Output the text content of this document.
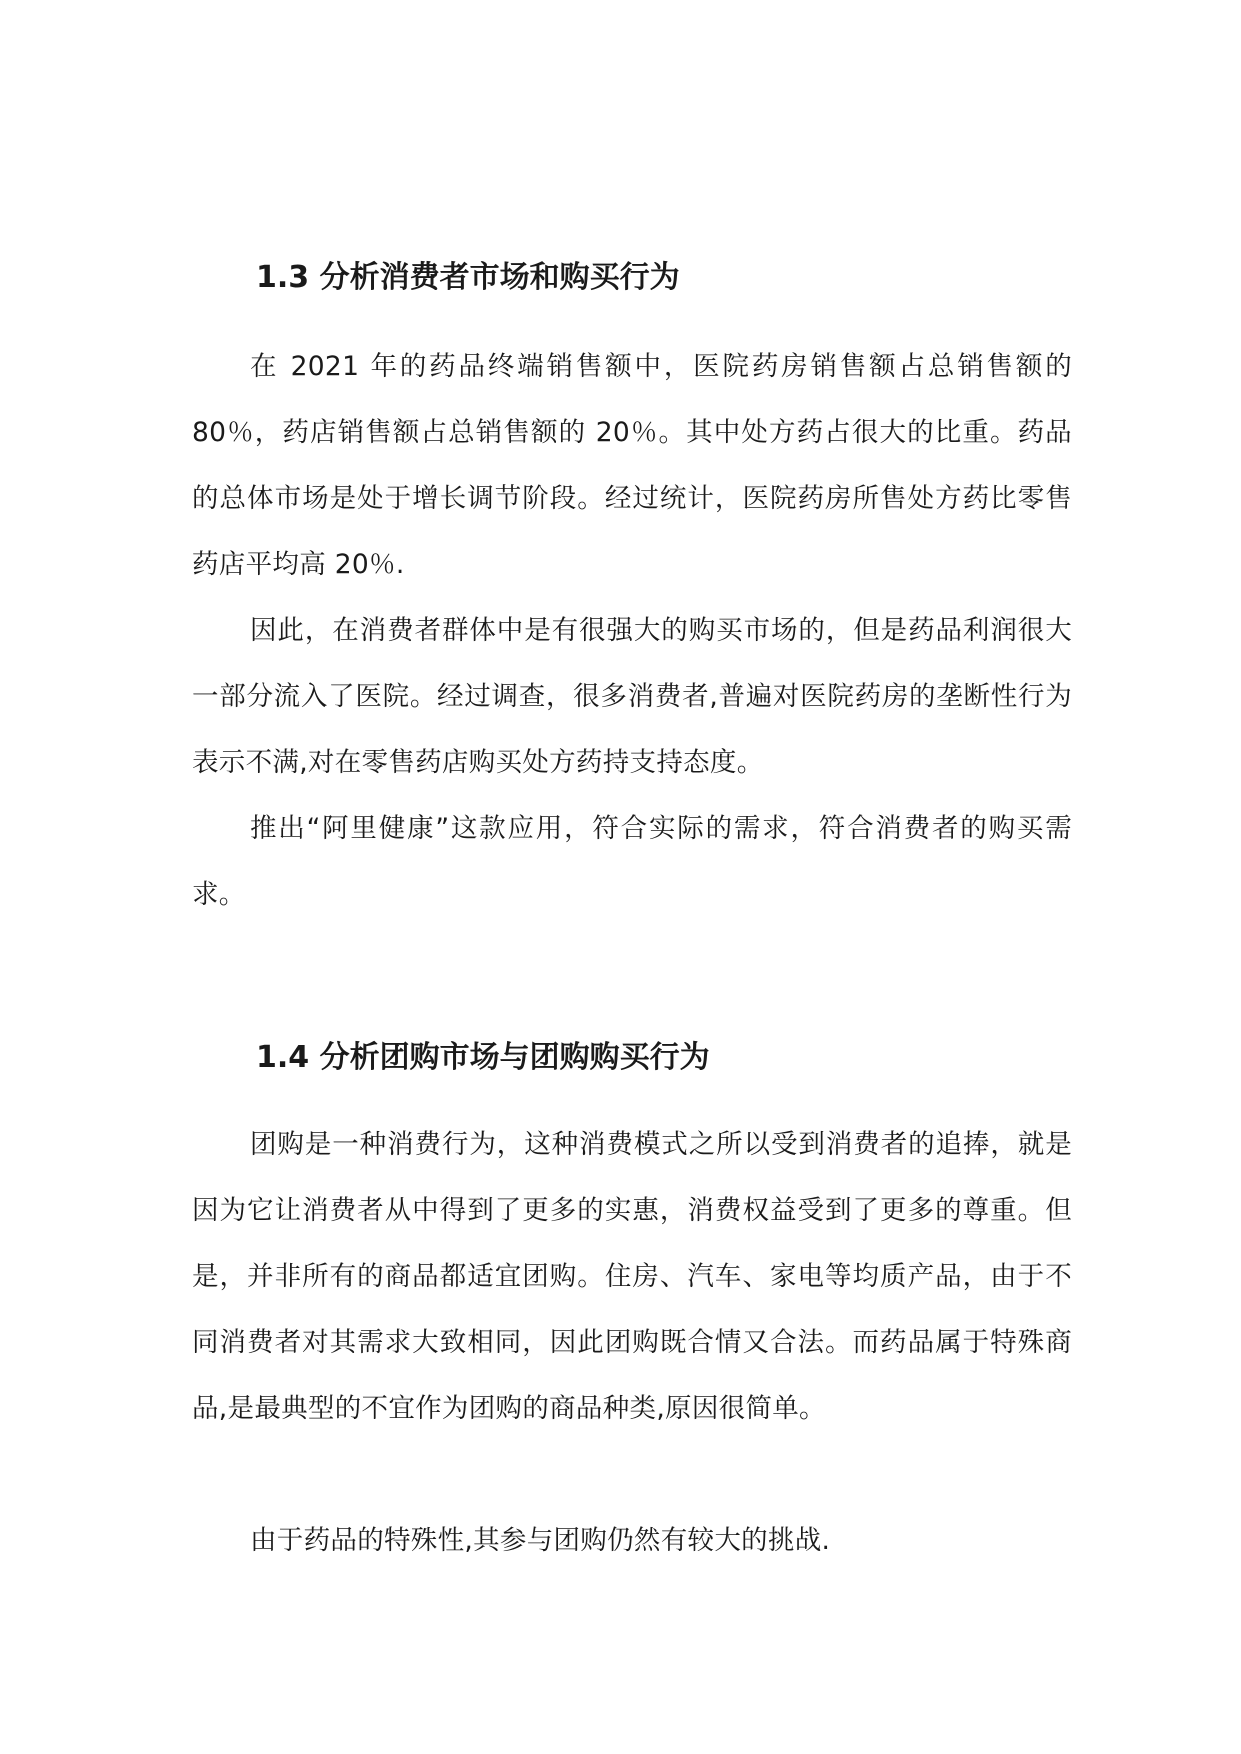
1.3 分析消费者市场和购买行为

在 2021 年的药品终端销售额中，医院药房销售额占总销售额的 80％，药店销售额占总销售额的 20％。其中处方药占很大的比重。药品的总体市场是处于增长调节阶段。经过统计，医院药房所售处方药比零售药店平均高 20％.

因此，在消费者群体中是有很强大的购买市场的，但是药品利润很大一部分流入了医院。经过调查，很多消费者,普遍对医院药房的垄断性行为表示不满,对在零售药店购买处方药持支持态度。

推出“阿里健康”这款应用，符合实际的需求，符合消费者的购买需求。

1.4 分析团购市场与团购购买行为

团购是一种消费行为，这种消费模式之所以受到消费者的追捧，就是因为它让消费者从中得到了更多的实惠，消费权益受到了更多的尊重。但是，并非所有的商品都适宜团购。住房、汽车、家电等均质产品，由于不同消费者对其需求大致相同，因此团购既合情又合法。而药品属于特殊商品,是最典型的不宜作为团购的商品种类,原因很简单。

由于药品的特殊性,其参与团购仍然有较大的挑战.
